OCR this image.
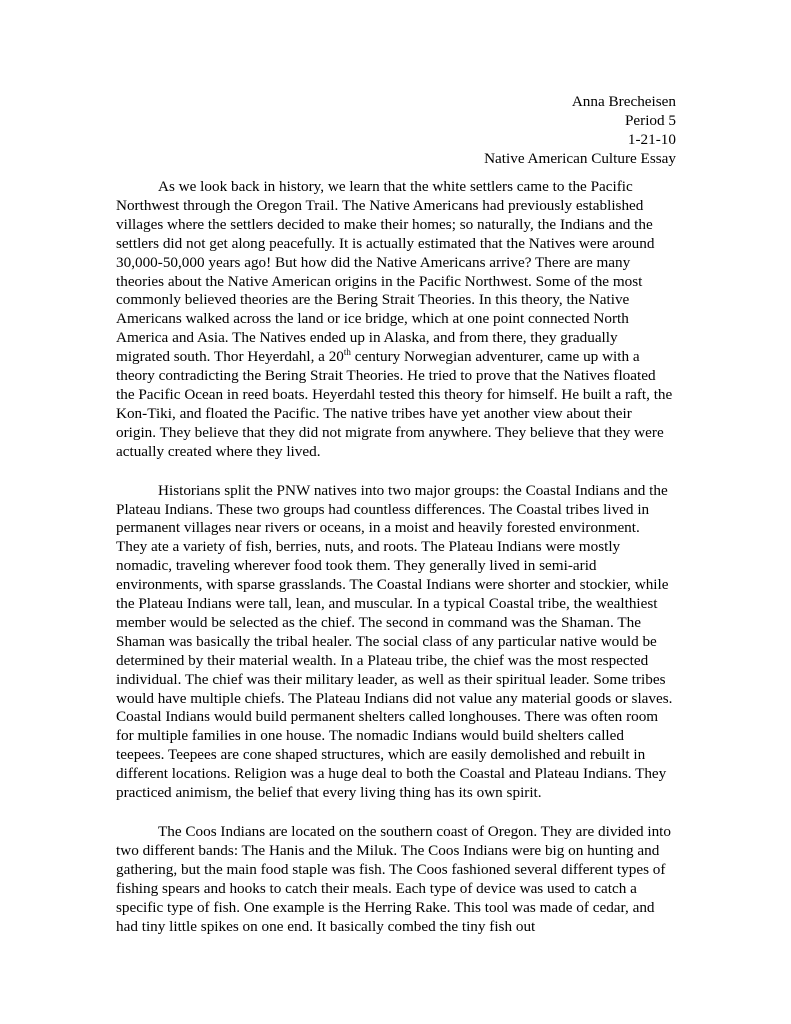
Anna Brecheisen
Period 5
1-21-10
Native American Culture Essay

As we look back in history, we learn that the white settlers came to the Pacific Northwest through the Oregon Trail. The Native Americans had previously established villages where the settlers decided to make their homes; so naturally, the Indians and the settlers did not get along peacefully. It is actually estimated that the Natives were around 30,000-50,000 years ago! But how did the Native Americans arrive? There are many theories about the Native American origins in the Pacific Northwest. Some of the most commonly believed theories are the Bering Strait Theories. In this theory, the Native Americans walked across the land or ice bridge, which at one point connected North America and Asia. The Natives ended up in Alaska, and from there, they gradually migrated south. Thor Heyerdahl, a 20th century Norwegian adventurer, came up with a theory contradicting the Bering Strait Theories. He tried to prove that the Natives floated the Pacific Ocean in reed boats. Heyerdahl tested this theory for himself. He built a raft, the Kon-Tiki, and floated the Pacific. The native tribes have yet another view about their origin. They believe that they did not migrate from anywhere. They believe that they were actually created where they lived.

Historians split the PNW natives into two major groups: the Coastal Indians and the Plateau Indians. These two groups had countless differences. The Coastal tribes lived in permanent villages near rivers or oceans, in a moist and heavily forested environment. They ate a variety of fish, berries, nuts, and roots. The Plateau Indians were mostly nomadic, traveling wherever food took them. They generally lived in semi-arid environments, with sparse grasslands. The Coastal Indians were shorter and stockier, while the Plateau Indians were tall, lean, and muscular. In a typical Coastal tribe, the wealthiest member would be selected as the chief. The second in command was the Shaman. The Shaman was basically the tribal healer. The social class of any particular native would be determined by their material wealth. In a Plateau tribe, the chief was the most respected individual. The chief was their military leader, as well as their spiritual leader. Some tribes would have multiple chiefs. The Plateau Indians did not value any material goods or slaves. Coastal Indians would build permanent shelters called longhouses. There was often room for multiple families in one house. The nomadic Indians would build shelters called teepees. Teepees are cone shaped structures, which are easily demolished and rebuilt in different locations. Religion was a huge deal to both the Coastal and Plateau Indians. They practiced animism, the belief that every living thing has its own spirit.

The Coos Indians are located on the southern coast of Oregon. They are divided into two different bands: The Hanis and the Miluk. The Coos Indians were big on hunting and gathering, but the main food staple was fish. The Coos fashioned several different types of fishing spears and hooks to catch their meals. Each type of device was used to catch a specific type of fish. One example is the Herring Rake. This tool was made of cedar, and had tiny little spikes on one end. It basically combed the tiny fish out
